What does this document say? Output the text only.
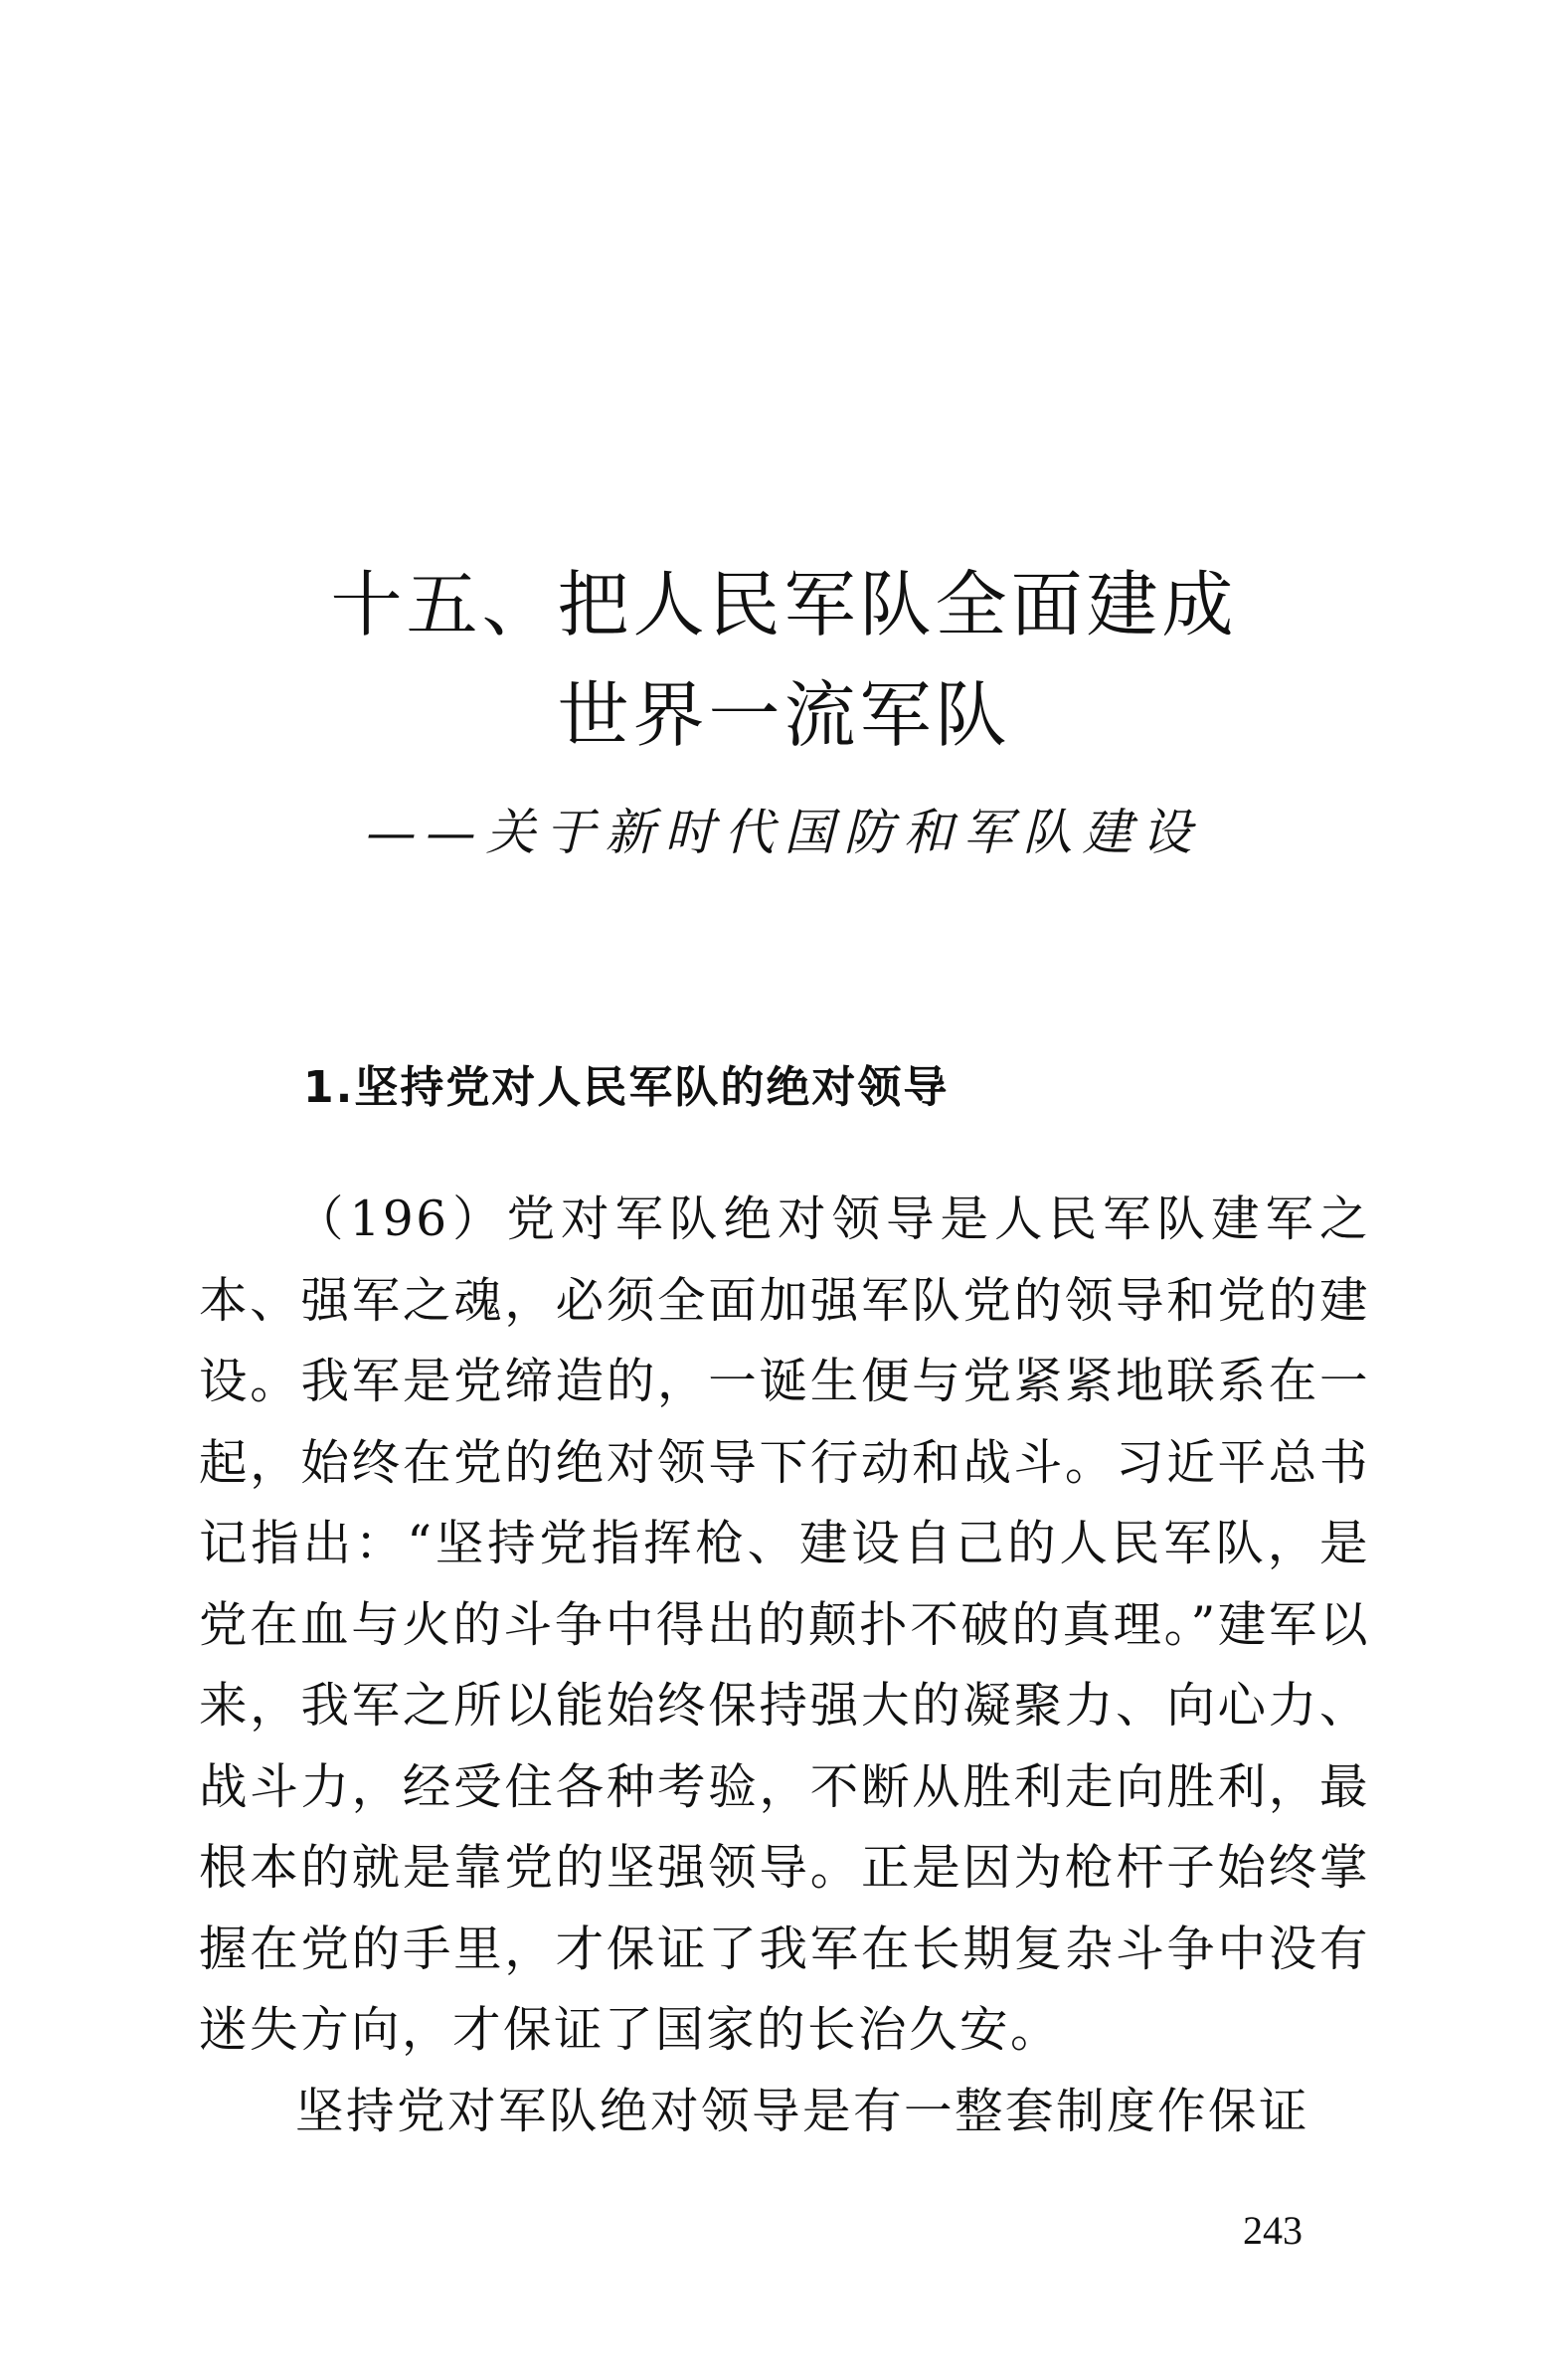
十五、把人民军队全面建成
世界一流军队
——关于新时代国防和军队建设
1.坚持党对人民军队的绝对领导

（196）党对军队绝对领导是人民军队建军之本、强军之魂，必须全面加强军队党的领导和党的建设。我军是党缔造的，一诞生便与党紧紧地联系在一起，始终在党的绝对领导下行动和战斗。习近平总书记指出：“坚持党指挥枪、建设自己的人民军队，是党在血与火的斗争中得出的颠扑不破的真理。”建军以来，我军之所以能始终保持强大的凝聚力、向心力、战斗力，经受住各种考验，不断从胜利走向胜利，最根本的就是靠党的坚强领导。正是因为枪杆子始终掌握在党的手里，才保证了我军在长期复杂斗争中没有迷失方向，才保证了国家的长治久安。

坚持党对军队绝对领导是有一整套制度作保证

243
